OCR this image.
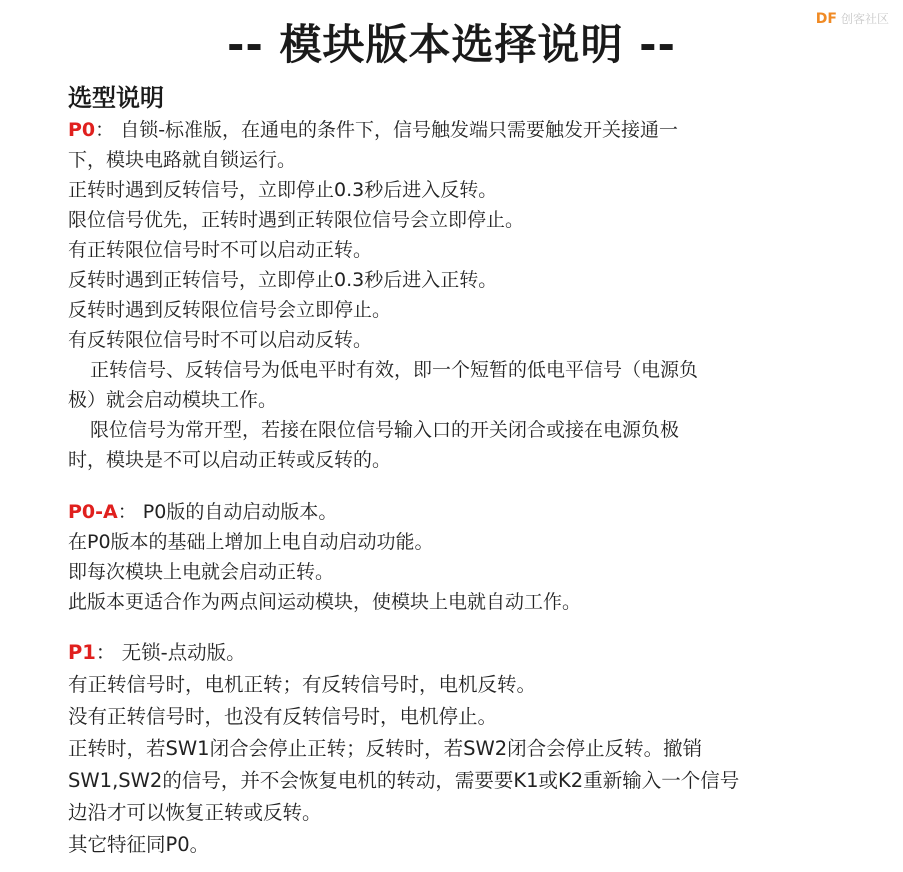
-- 模块版本选择说明 --
DF 创客社区
选型说明
P0： 自锁-标准版，在通电的条件下，信号触发端只需要触发开关接通一
下，模块电路就自锁运行。
正转时遇到反转信号，立即停止0.3秒后进入反转。
限位信号优先，正转时遇到正转限位信号会立即停止。
有正转限位信号时不可以启动正转。
反转时遇到正转信号，立即停止0.3秒后进入正转。
反转时遇到反转限位信号会立即停止。
有反转限位信号时不可以启动反转。
正转信号、反转信号为低电平时有效，即一个短暂的低电平信号（电源负
极）就会启动模块工作。
限位信号为常开型，若接在限位信号输入口的开关闭合或接在电源负极
时，模块是不可以启动正转或反转的。
P0-A： P0版的自动启动版本。
在P0版本的基础上增加上电自动启动功能。
即每次模块上电就会启动正转。
此版本更适合作为两点间运动模块，使模块上电就自动工作。
P1： 无锁-点动版。
有正转信号时，电机正转；有反转信号时，电机反转。
没有正转信号时，也没有反转信号时，电机停止。
正转时，若SW1闭合会停止正转；反转时，若SW2闭合会停止反转。撤销
SW1,SW2的信号，并不会恢复电机的转动，需要要K1或K2重新输入一个信号
边沿才可以恢复正转或反转。
其它特征同P0。
